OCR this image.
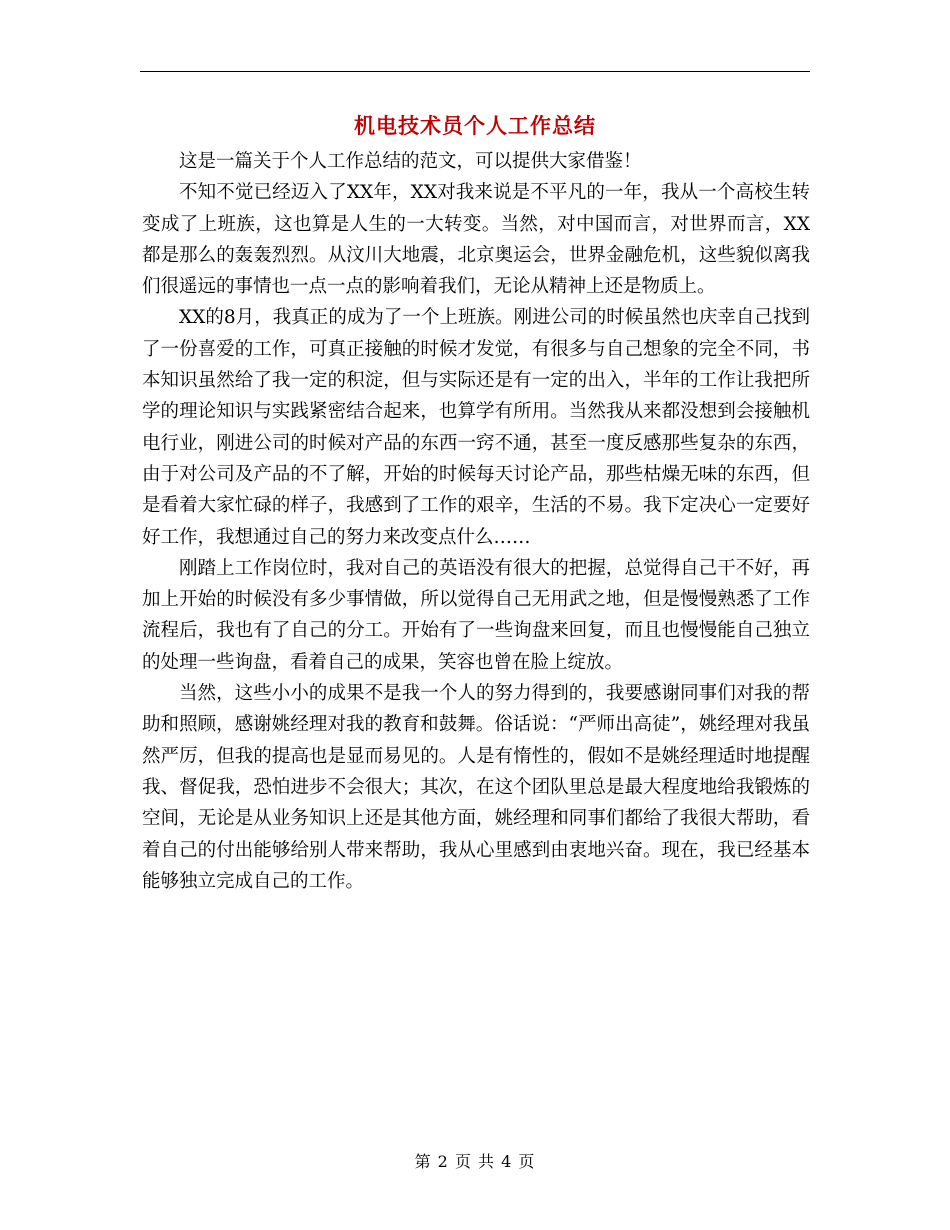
机电技术员个人工作总结

这是一篇关于个人工作总结的范文，可以提供大家借鉴！

不知不觉已经迈入了XX年，XX对我来说是不平凡的一年，我从一个高校生转变成了上班族，这也算是人生的一大转变。当然，对中国而言，对世界而言，XX都是那么的轰轰烈烈。从汶川大地震，北京奥运会，世界金融危机，这些貌似离我们很遥远的事情也一点一点的影响着我们，无论从精神上还是物质上。

XX的8月，我真正的成为了一个上班族。刚进公司的时候虽然也庆幸自己找到了一份喜爱的工作，可真正接触的时候才发觉，有很多与自己想象的完全不同，书本知识虽然给了我一定的积淀，但与实际还是有一定的出入，半年的工作让我把所学的理论知识与实践紧密结合起来，也算学有所用。当然我从来都没想到会接触机电行业，刚进公司的时候对产品的东西一窍不通，甚至一度反感那些复杂的东西，由于对公司及产品的不了解，开始的时候每天讨论产品，那些枯燥无味的东西，但是看着大家忙碌的样子，我感到了工作的艰辛，生活的不易。我下定决心一定要好好工作，我想通过自己的努力来改变点什么……

刚踏上工作岗位时，我对自己的英语没有很大的把握，总觉得自己干不好，再加上开始的时候没有多少事情做，所以觉得自己无用武之地，但是慢慢熟悉了工作流程后，我也有了自己的分工。开始有了一些询盘来回复，而且也慢慢能自己独立的处理一些询盘，看着自己的成果，笑容也曾在脸上绽放。

当然，这些小小的成果不是我一个人的努力得到的，我要感谢同事们对我的帮助和照顾，感谢姚经理对我的教育和鼓舞。俗话说：“严师出高徒”，姚经理对我虽然严厉，但我的提高也是显而易见的。人是有惰性的，假如不是姚经理适时地提醒我、督促我，恐怕进步不会很大；其次，在这个团队里总是最大程度地给我锻炼的空间，无论是从业务知识上还是其他方面，姚经理和同事们都给了我很大帮助，看着自己的付出能够给别人带来帮助，我从心里感到由衷地兴奋。现在，我已经基本能够独立完成自己的工作。

第 2 页 共 4 页
